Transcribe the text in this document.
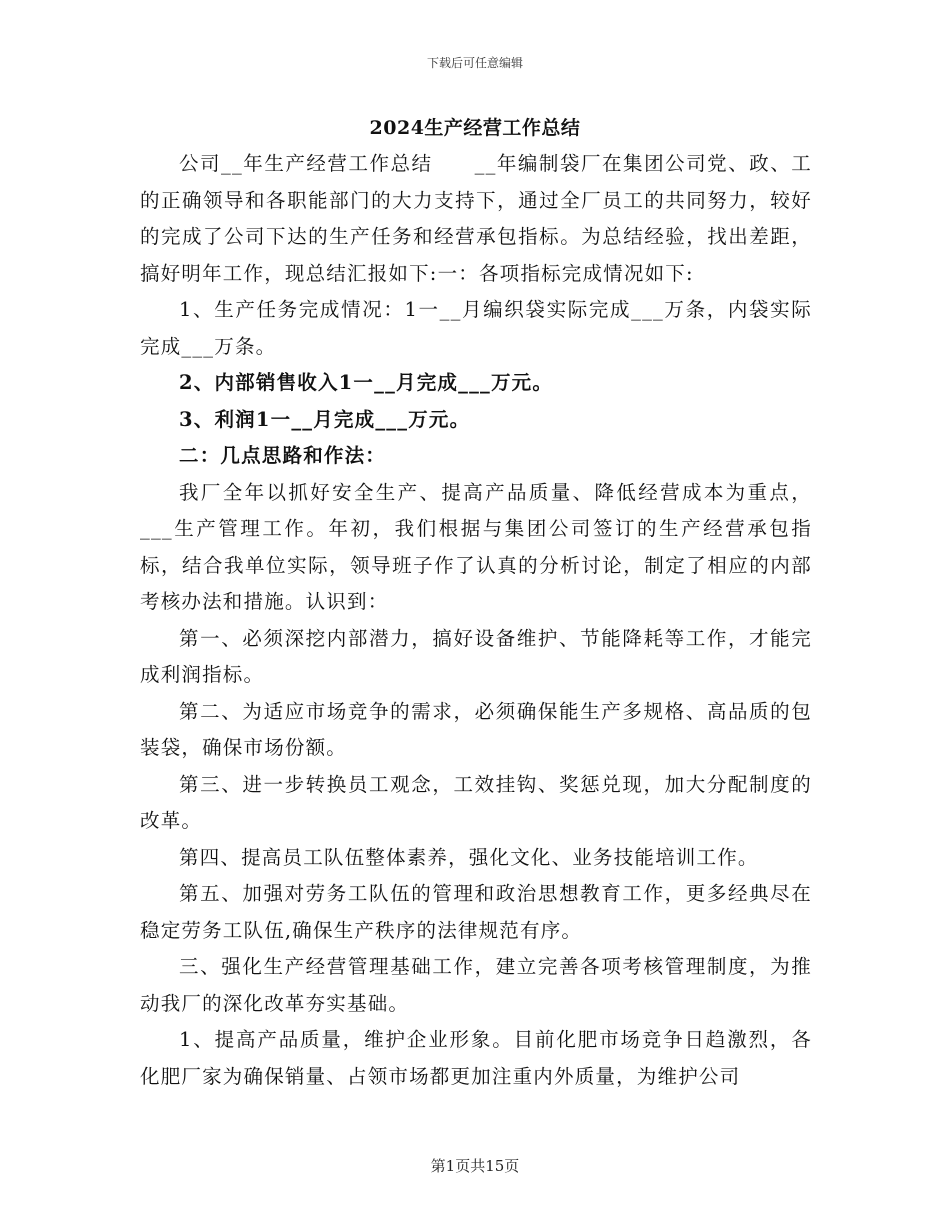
下载后可任意编辑
2024生产经营工作总结

公司__年生产经营工作总结　　__年编制袋厂在集团公司党、政、工的正确领导和各职能部门的大力支持下，通过全厂员工的共同努力，较好的完成了公司下达的生产任务和经营承包指标。为总结经验，找出差距，搞好明年工作，现总结汇报如下:一：各项指标完成情况如下:

1、生产任务完成情况：1一__月编织袋实际完成___万条，内袋实际完成___万条。

2、内部销售收入1一__月完成___万元。

3、利润1一__月完成___万元。

二：几点思路和作法：

我厂全年以抓好安全生产、提高产品质量、降低经营成本为重点，___生产管理工作。年初，我们根据与集团公司签订的生产经营承包指标，结合我单位实际，领导班子作了认真的分析讨论，制定了相应的内部考核办法和措施。认识到：

第一、必须深挖内部潜力，搞好设备维护、节能降耗等工作，才能完成利润指标。

第二、为适应市场竞争的需求，必须确保能生产多规格、高品质的包装袋，确保市场份额。

第三、进一步转换员工观念，工效挂钩、奖惩兑现，加大分配制度的改革。

第四、提高员工队伍整体素养，强化文化、业务技能培训工作。

第五、加强对劳务工队伍的管理和政治思想教育工作，更多经典尽在稳定劳务工队伍,确保生产秩序的法律规范有序。

三、强化生产经营管理基础工作，建立完善各项考核管理制度，为推动我厂的深化改革夯实基础。

1、提高产品质量，维护企业形象。目前化肥市场竞争日趋激烈，各化肥厂家为确保销量、占领市场都更加注重内外质量，为维护公司

第1页共15页
